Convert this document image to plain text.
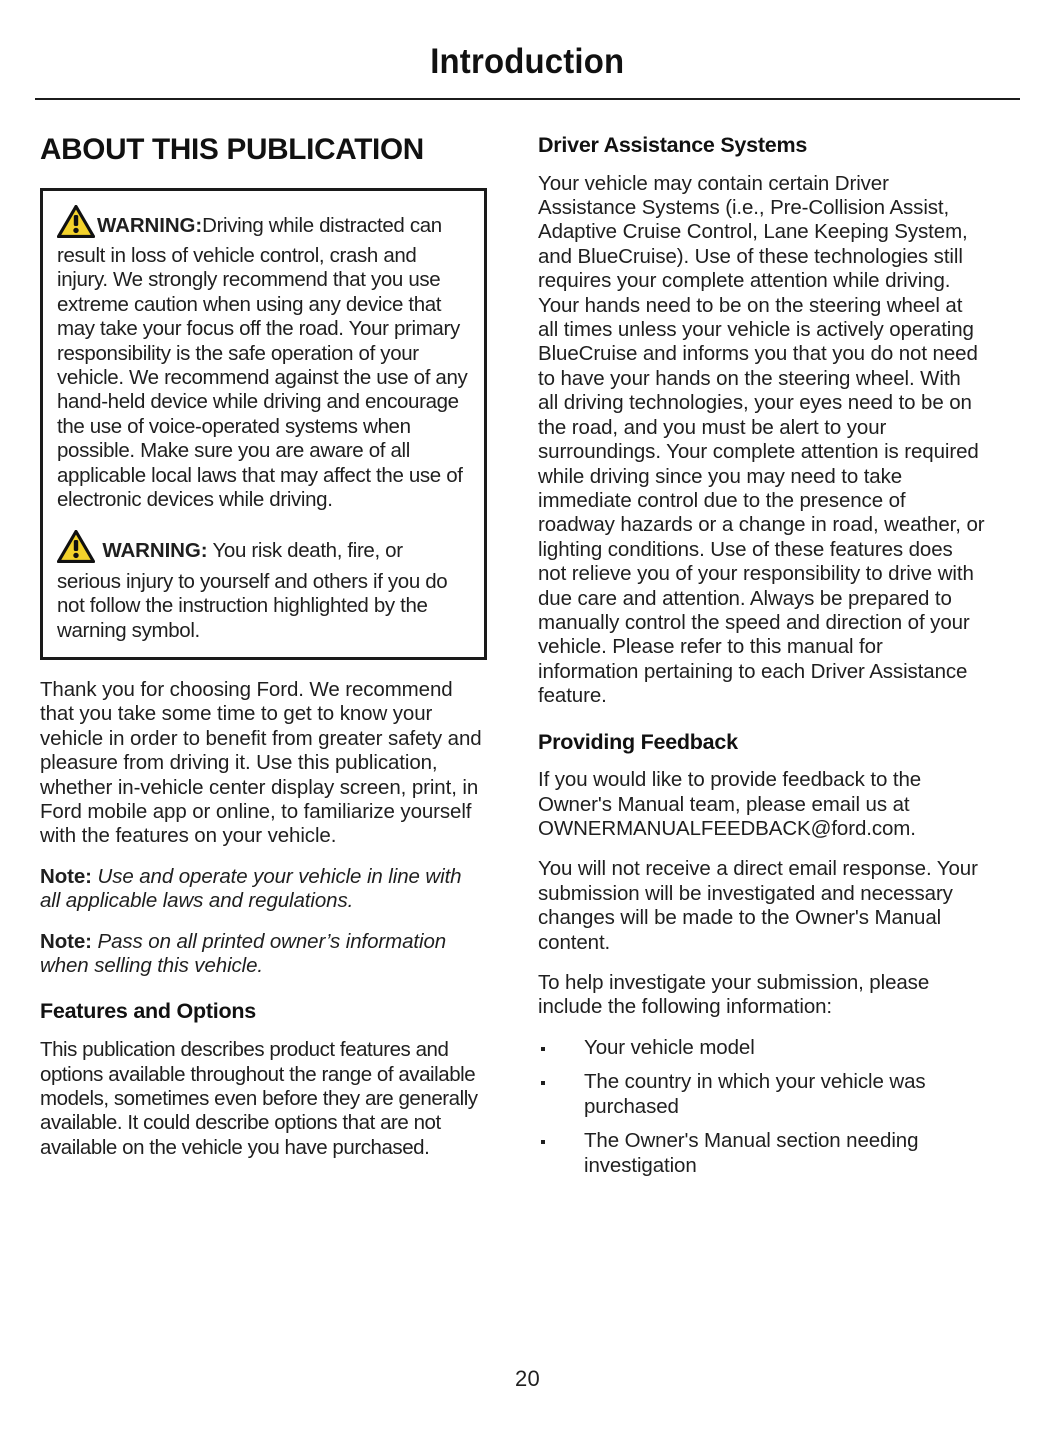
Introduction
ABOUT THIS PUBLICATION

WARNING:Driving while distracted can result in loss of vehicle control, crash and injury. We strongly recommend that you use extreme caution when using any device that may take your focus off the road. Your primary responsibility is the safe operation of your vehicle. We recommend against the use of any hand-held device while driving and encourage the use of voice-operated systems when possible. Make sure you are aware of all applicable local laws that may affect the use of electronic devices while driving.

WARNING: You risk death, fire, or serious injury to yourself and others if you do not follow the instruction highlighted by the warning symbol.

Thank you for choosing Ford. We recommend that you take some time to get to know your vehicle in order to benefit from greater safety and pleasure from driving it. Use this publication, whether in-vehicle center display screen, print, in Ford mobile app or online, to familiarize yourself with the features on your vehicle.

Note: Use and operate your vehicle in line with all applicable laws and regulations.

Note: Pass on all printed owner’s information when selling this vehicle.

Features and Options

This publication describes product features and options available throughout the range of available models, sometimes even before they are generally available. It could describe options that are not available on the vehicle you have purchased.

Driver Assistance Systems

Your vehicle may contain certain Driver Assistance Systems (i.e., Pre-Collision Assist, Adaptive Cruise Control, Lane Keeping System, and BlueCruise). Use of these technologies still requires your complete attention while driving. Your hands need to be on the steering wheel at all times unless your vehicle is actively operating BlueCruise and informs you that you do not need to have your hands on the steering wheel. With all driving technologies, your eyes need to be on the road, and you must be alert to your surroundings. Your complete attention is required while driving since you may need to take immediate control due to the presence of roadway hazards or a change in road, weather, or lighting conditions. Use of these features does not relieve you of your responsibility to drive with due care and attention. Always be prepared to manually control the speed and direction of your vehicle. Please refer to this manual for information pertaining to each Driver Assistance feature.

Providing Feedback

If you would like to provide feedback to the Owner's Manual team, please email us at OWNERMANUALFEEDBACK@ford.com.

You will not receive a direct email response. Your submission will be investigated and necessary changes will be made to the Owner's Manual content.

To help investigate your submission, please include the following information:

Your vehicle model
The country in which your vehicle was purchased
The Owner's Manual section needing investigation
20
